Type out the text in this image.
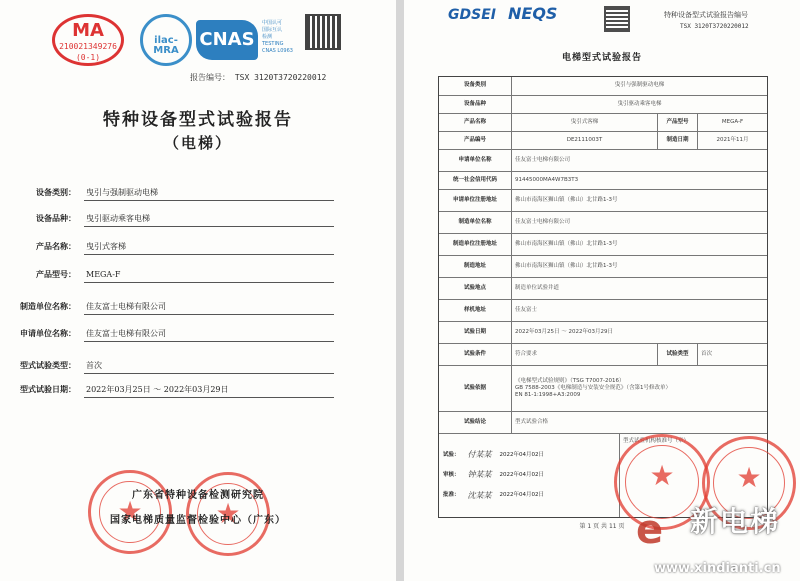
MA
210021349276
(0-1)
ilac-MRA
CNAS
中国认可
国际互认
检测
TESTING
CNAS L0963
报告编号： TSX 3120T3720220012
特种设备型式试验报告
（电梯）
设备类别： 曳引与强制驱动电梯
设备品种： 曳引驱动乘客电梯
产品名称： 曳引式客梯
产品型号： MEGA-F
制造单位名称： 佳友富士电梯有限公司
申请单位名称： 佳友富士电梯有限公司
型式试验类型： 首次
型式试验日期： 2022年03月25日 ～ 2022年03月29日
★
★
广东省特种设备检测研究院
国家电梯质量监督检验中心（广东）
GDSEI NEQS	特种设备型式试验报告编号
TSX 3120T3720220012
电梯型式试验报告
设备类别	曳引与强制驱动电梯
设备品种	曳引驱动乘客电梯
产品名称	曳引式客梯	产品型号	MEGA-F
产品编号	DE2111003T	制造日期	2021年11月
申请单位名称	佳友富士电梯有限公司
统一社会信用代码	91445000MA4W7B3T3
申请单位注册地址	佛山市南海区狮山镇（佛山）北甘路1-3号
制造单位名称	佳友富士电梯有限公司
制造单位注册地址	佛山市南海区狮山镇（佛山）北甘路1-3号
制造地址	佛山市南海区狮山镇（佛山）北甘路1-3号
试验地点	制造单位试验井道
样机地址	佳友富士
试验日期	2022年03月25日 ～ 2022年03月29日
试验条件	符合要求	试验类型	首次
试验依据
《电梯型式试验规则》（TSG T7007-2016）
GB 7588-2003《电梯制造与安装安全规范》（含第1号修改单）
EN 81-1:1998+A3:2009
试验结论	型式试验合格
试验： 付某某 2022年04月02日
审核： 钟某某 2022年04月02日
批准： 沈某某 2022年04月02日
型式试验机构核准号（章）
★
★
第 1 页 共 11 页 e 新电梯
www.xindianti.cn
